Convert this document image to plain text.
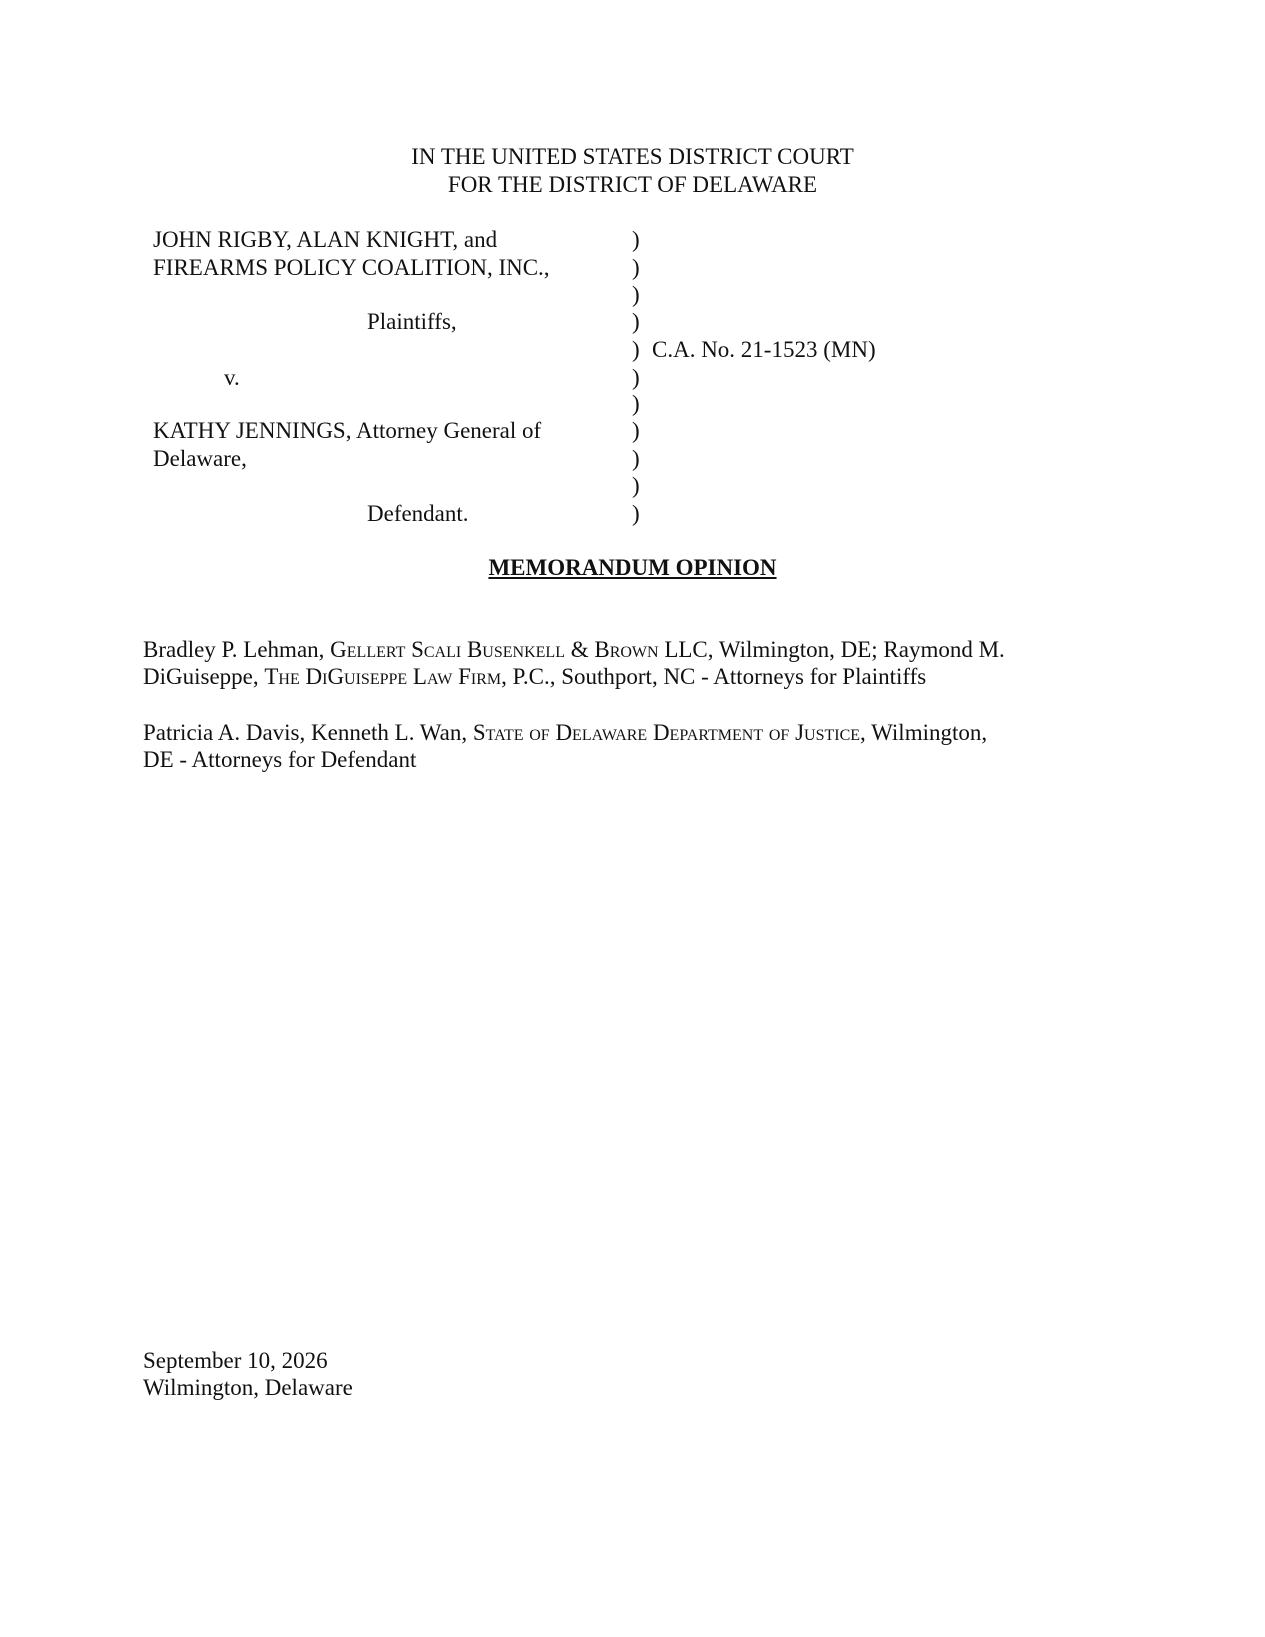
IN THE UNITED STATES DISTRICT COURT
FOR THE DISTRICT OF DELAWARE
JOHN RIGBY, ALAN KNIGHT, and
FIREARMS POLICY COALITION, INC.,
Plaintiffs,
v.
KATHY JENNINGS, Attorney General of
Delaware,
Defendant.
)
)
)
)
)
)
)
)
)
)
)
C.A. No. 21-1523 (MN)
MEMORANDUM OPINION
Bradley P. Lehman, Gellert Scali Busenkell & Brown LLC, Wilmington, DE; Raymond M.
DiGuiseppe, The DiGuiseppe Law Firm, P.C., Southport, NC - Attorneys for Plaintiffs
Patricia A. Davis, Kenneth L. Wan, State of Delaware Department of Justice, Wilmington,
DE - Attorneys for Defendant
September 10, 2026
Wilmington, Delaware
